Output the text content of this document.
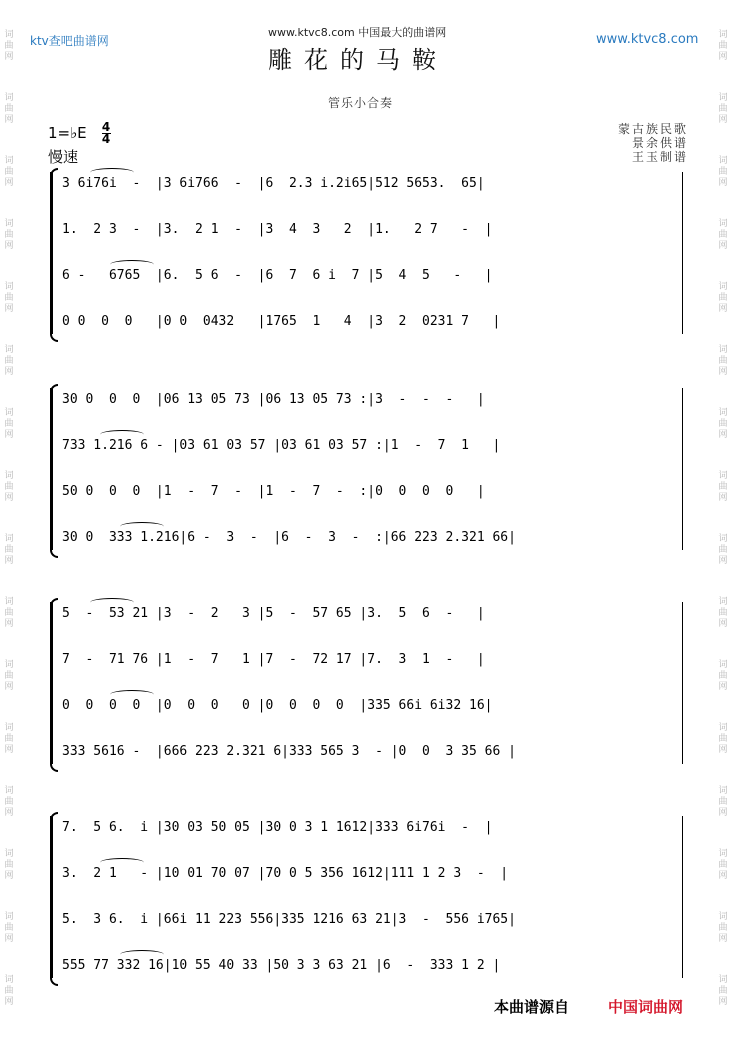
词
曲
网
词
曲
网
词
曲
网
词
曲
网
词
曲
网
词
曲
网
词
曲
网
词
曲
网
词
曲
网
词
曲
网
词
曲
网
词
曲
网
词
曲
网
词
曲
网
词
曲
网
词
曲
网
词
曲
网
词
曲
网
词
曲
网
词
曲
网
词
曲
网
词
曲
网
词
曲
网
词
曲
网
词
曲
网
词
曲
网
词
曲
网
词
曲
网
词
曲
网
词
曲
网
词
曲
网
词
曲
网
ktv查吧曲谱网
www.ktvc8.com 中国最大的曲谱网	www.ktvc8.com
雕花的马鞍
管乐小合奏
1=♭E 4
4
慢速
蒙古族民歌
景余供谱
王玉制谱
3 6i76i  -  |3 6i766  -  |6  2.3 i.2i65|512 5653.  65|
1.  2 3  -  |3.  2 1  -  |3  4  3   2  |1.   2 7   -  |
6 -   6765  |6.  5 6  -  |6  7  6 i  7 |5  4  5   -   |
0 0  0  0   |0 0  0432   |1765  1   4  |3  2  0231 7   |
30 0  0  0  |06 13 05 73 |06 13 05 73 :|3  -  -  -   |
733 1.216 6 - |03 61 03 57 |03 61 03 57 :|1  -  7  1   |
50 0  0  0  |1  -  7  -  |1  -  7  -  :|0  0  0  0   |
30 0  333 1.216|6 -  3  -  |6  -  3  -  :|66 223 2.321 66|
5  -  53 21 |3  -  2   3 |5  -  57 65 |3.  5  6  -   |
7  -  71 76 |1  -  7   1 |7  -  72 17 |7.  3  1  -   |
0  0  0  0  |0  0  0   0 |0  0  0  0  |335 66i 6i32 16|
333 5616 -  |666 223 2.321 6|333 565 3  - |0  0  3 35 66 |
7.  5 6.  i |30 03 50 05 |30 0 3 1 1612|333 6i76i  -  |
3.  2 1   - |10 01 70 07 |70 0 5 356 1612|111 1 2 3  -  |
5.  3 6.  i |66i 11 223 556|335 1216 63 21|3  -  556 i765|
555 77 332 16|10 55 40 33 |50 3 3 63 21 |6  -  333 1 2 |
本曲谱源自	中国词曲网
